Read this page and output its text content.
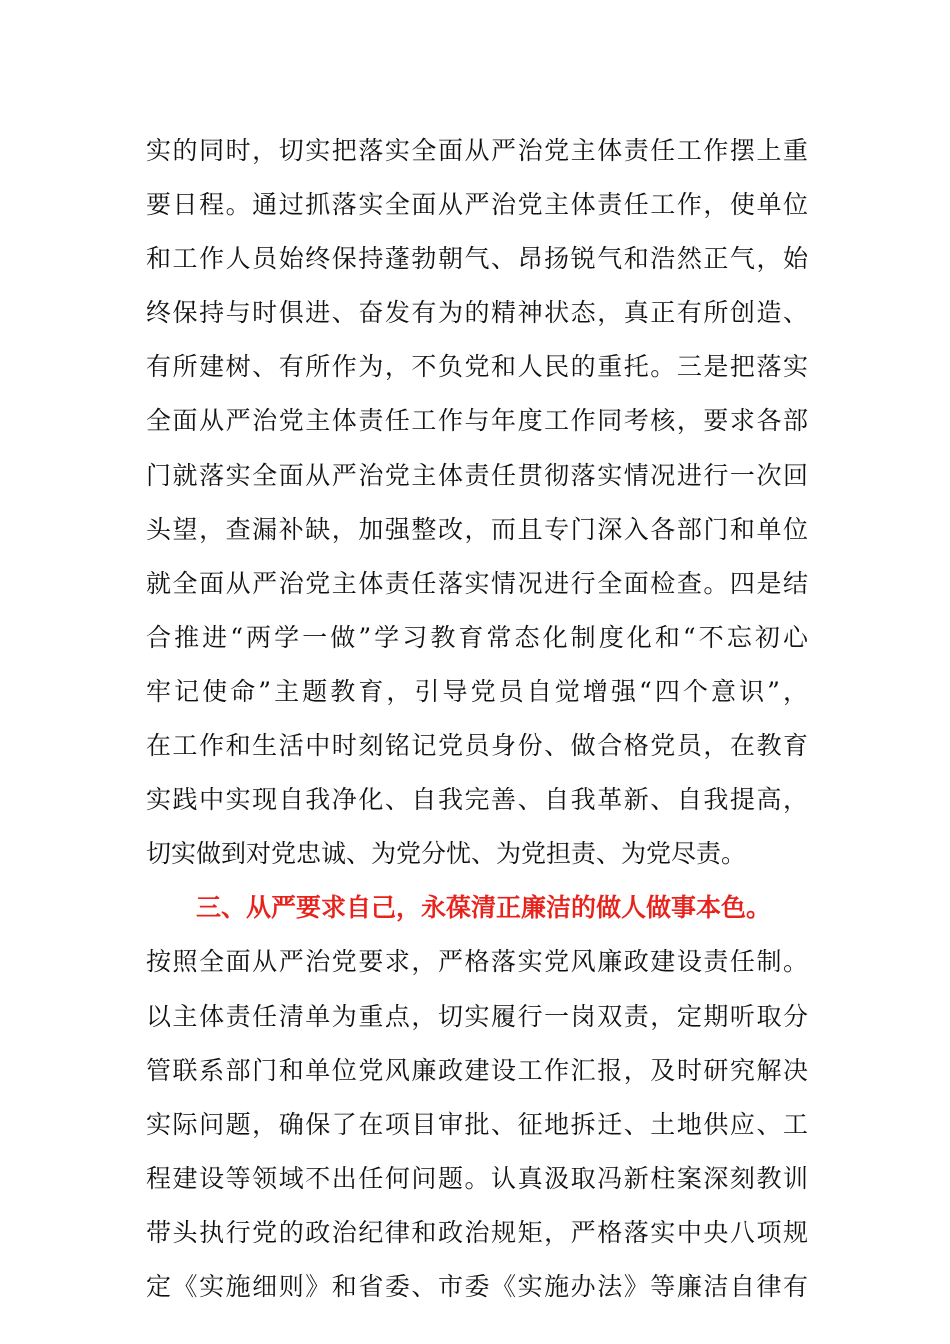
实的同时，切实把落实全面从严治党主体责任工作摆上重
要日程。通过抓落实全面从严治党主体责任工作，使单位
和工作人员始终保持蓬勃朝气、昂扬锐气和浩然正气，始
终保持与时俱进、奋发有为的精神状态，真正有所创造、
有所建树、有所作为，不负党和人民的重托。三是把落实
全面从严治党主体责任工作与年度工作同考核，要求各部
门就落实全面从严治党主体责任贯彻落实情况进行一次回
头望，查漏补缺，加强整改，而且专门深入各部门和单位
就全面从严治党主体责任落实情况进行全面检查。四是结
合推进“两学一做”学习教育常态化制度化和“不忘初心
牢记使命”主题教育，引导党员自觉增强“四个意识”，
在工作和生活中时刻铭记党员身份、做合格党员，在教育
实践中实现自我净化、自我完善、自我革新、自我提高，
切实做到对党忠诚、为党分忧、为党担责、为党尽责。
三、从严要求自己，永葆清正廉洁的做人做事本色。
按照全面从严治党要求，严格落实党风廉政建设责任制。
以主体责任清单为重点，切实履行一岗双责，定期听取分
管联系部门和单位党风廉政建设工作汇报，及时研究解决
实际问题，确保了在项目审批、征地拆迁、土地供应、工
程建设等领域不出任何问题。认真汲取冯新柱案深刻教训
带头执行党的政治纪律和政治规矩，严格落实中央八项规
定《实施细则》和省委、市委《实施办法》等廉洁自律有
